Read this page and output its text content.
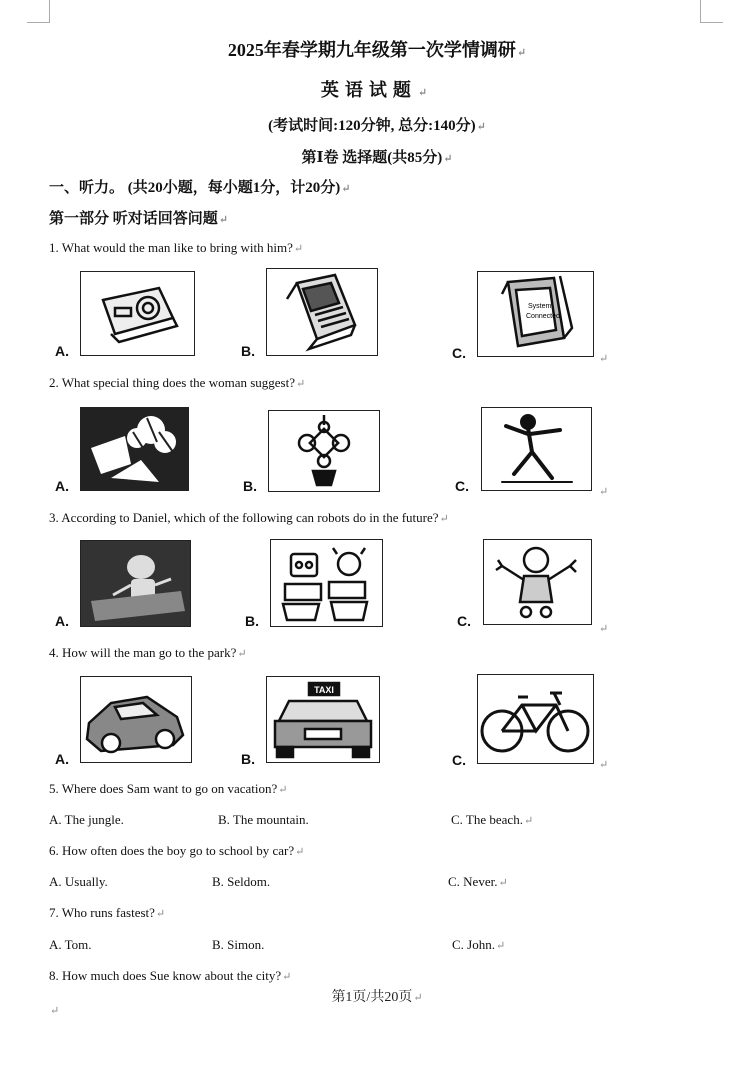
2025年春学期九年级第一次学情调研↵
英语试题↵
(考试时间:120分钟, 总分:140分)↵
第Ⅰ卷 选择题(共85分)↵
一、听力。 (共20小题，每小题1分，计20分)↵
第一部分 听对话回答问题↵
1. What would the man like to bring with him?↵
A.	B.	C.
System
Connected
2. What special thing does the woman suggest?↵
A.	B.	C.
3. According to Daniel, which of the following can robots do in the future?↵
A.	B.	C.
4. How will the man go to the park?↵
A.	B.
TAXI
C.
5. Where does Sam want to go on vacation?↵
A. The jungle.	B. The mountain.	C. The beach.↵
6. How often does the boy go to school by car?↵
A. Usually.	B. Seldom.	C. Never.↵
7. Who runs fastest?↵
A. Tom.	B. Simon.	C. John.↵
8. How much does Sue know about the city?↵
第1页/共20页↵
↵
↵
↵
↵
↵
